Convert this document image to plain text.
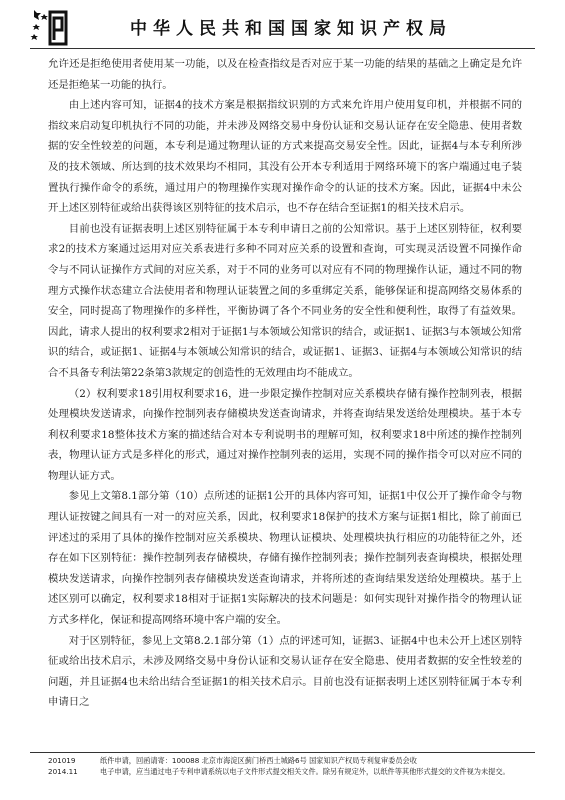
中华人民共和国国家知识产权局

允许还是拒绝使用者使用某一功能，以及在检查指纹是否对应于某一功能的结果的基础之上确定是允许还是拒绝某一功能的执行。

由上述内容可知，证据4的技术方案是根据指纹识别的方式来允许用户使用复印机，并根据不同的指纹来启动复印机执行不同的功能，并未涉及网络交易中身份认证和交易认证存在安全隐患、使用者数据的安全性较差的问题，本专利是通过物理认证的方式来提高交易安全性。因此，证据4与本专利所涉及的技术领域、所达到的技术效果均不相同，其没有公开本专利适用于网络环境下的客户端通过电子装置执行操作命令的系统，通过用户的物理操作实现对操作命令的认证的技术方案。因此，证据4中未公开上述区别特征或给出获得该区别特征的技术启示，也不存在结合至证据1的相关技术启示。

目前也没有证据表明上述区别特征属于本专利申请日之前的公知常识。基于上述区别特征，权利要求2的技术方案通过运用对应关系表进行多种不同对应关系的设置和查询，可实现灵活设置不同操作命令与不同认证操作方式间的对应关系，对于不同的业务可以对应有不同的物理操作认证，通过不同的物理方式操作状态建立合法使用者和物理认证装置之间的多重绑定关系，能够保证和提高网络交易体系的安全，同时提高了物理操作的多样性，平衡协调了各个不同业务的安全性和便利性，取得了有益效果。因此，请求人提出的权利要求2相对于证据1与本领域公知常识的结合，或证据1、证据3与本领域公知常识的结合，或证据1、证据4与本领域公知常识的结合，或证据1、证据3、证据4与本领域公知常识的结合不具备专利法第22条第3款规定的创造性的无效理由均不能成立。

（2）权利要求18引用权利要求16，进一步限定操作控制对应关系模块存储有操作控制列表，根据处理模块发送请求，向操作控制列表存储模块发送查询请求，并将查询结果发送给处理模块。基于本专利权利要求18整体技术方案的描述结合对本专利说明书的理解可知，权利要求18中所述的操作控制列表，物理认证方式是多样化的形式，通过对操作控制列表的运用，实现不同的操作指令可以对应不同的物理认证方式。

参见上文第8.1部分第（10）点所述的证据1公开的具体内容可知，证据1中仅公开了操作命令与物理认证按键之间具有一对一的对应关系，因此，权利要求18保护的技术方案与证据1相比，除了前面已评述过的采用了具体的操作控制对应关系模块、物理认证模块、处理模块执行相应的功能特征之外，还存在如下区别特征：操作控制列表存储模块，存储有操作控制列表；操作控制列表查询模块，根据处理模块发送请求，向操作控制列表存储模块发送查询请求，并将所述的查询结果发送给处理模块。基于上述区别可以确定，权利要求18相对于证据1实际解决的技术问题是：如何实现针对操作指令的物理认证方式多样化，保证和提高网络环境中客户端的安全。

对于区别特征，参见上文第8.2.1部分第（1）点的评述可知，证据3、证据4中也未公开上述区别特征或给出技术启示，未涉及网络交易中身份认证和交易认证存在安全隐患、使用者数据的安全性较差的问题，并且证据4也未给出结合至证据1的相关技术启示。目前也没有证据表明上述区别特征属于本专利申请日之

201019	纸件申请，回函请寄：100088 北京市海淀区蓟门桥西土城路6号 国家知识产权局专利复审委员会收
2014.11	电子申请，应当通过电子专利申请系统以电子文件形式提交相关文件。除另有规定外，以纸件等其他形式提交的文件视为未提交。
